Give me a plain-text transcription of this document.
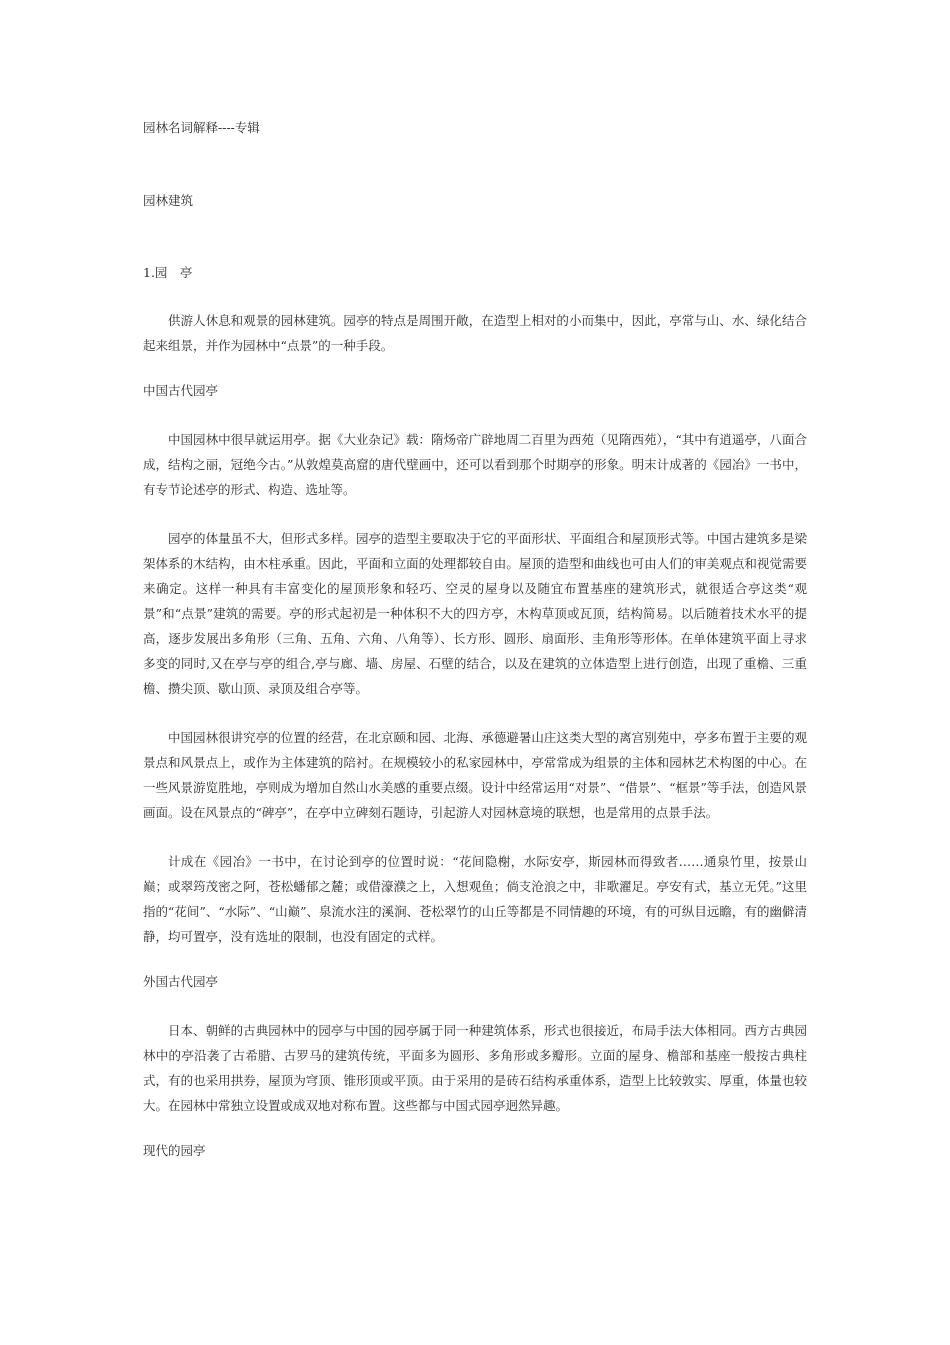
园林名词解释----专辑
园林建筑
1.园　亭

供游人休息和观景的园林建筑。园亭的特点是周围开敞，在造型上相对的小而集中，因此，亭常与山、水、绿化结合起来组景，并作为园林中“点景”的一种手段。

中国古代园亭

中国园林中很早就运用亭。据《大业杂记》载：隋炀帝广辟地周二百里为西苑（见隋西苑），“其中有逍遥亭，八面合成，结构之丽，冠绝今古。”从敦煌莫高窟的唐代壁画中，还可以看到那个时期亭的形象。明末计成著的《园冶》一书中，有专节论述亭的形式、构造、选址等。

园亭的体量虽不大，但形式多样。园亭的造型主要取决于它的平面形状、平面组合和屋顶形式等。中国古建筑多是梁架体系的木结构，由木柱承重。因此，平面和立面的处理都较自由。屋顶的造型和曲线也可由人们的审美观点和视觉需要来确定。这样一种具有丰富变化的屋顶形象和轻巧、空灵的屋身以及随宜布置基座的建筑形式，就很适合亭这类“观景”和“点景”建筑的需要。亭的形式起初是一种体积不大的四方亭，木构草顶或瓦顶，结构简易。以后随着技术水平的提高，逐步发展出多角形（三角、五角、六角、八角等）、长方形、圆形、扇面形、圭角形等形体。在单体建筑平面上寻求多变的同时,又在亭与亭的组合,亭与廊、墙、房屋、石壁的结合，以及在建筑的立体造型上进行创造，出现了重檐、三重檐、攒尖顶、歇山顶、录顶及组合亭等。

中国园林很讲究亭的位置的经营，在北京颐和园、北海、承德避暑山庄这类大型的离宫别苑中，亭多布置于主要的观景点和风景点上，或作为主体建筑的陪衬。在规模较小的私家园林中，亭常常成为组景的主体和园林艺术构图的中心。在一些风景游览胜地，亭则成为增加自然山水美感的重要点缀。设计中经常运用“对景”、“借景”、“框景”等手法，创造风景画面。设在风景点的“碑亭”，在亭中立碑刻石题诗，引起游人对园林意境的联想，也是常用的点景手法。

计成在《园冶》一书中，在讨论到亭的位置时说：“花间隐榭，水际安亭，斯园林而得致者……通泉竹里，按景山巅；或翠筠茂密之阿，苍松蟠郁之麓；或借濠濮之上，入想观鱼；倘支沧浪之中，非歌濯足。亭安有式，基立无凭。”这里指的“花间”、“水际”、“山巅”、泉流水注的溪涧、苍松翠竹的山丘等都是不同情趣的环境，有的可纵目远瞻，有的幽僻清静，均可置亭，没有选址的限制，也没有固定的式样。

外国古代园亭

日本、朝鲜的古典园林中的园亭与中国的园亭属于同一种建筑体系，形式也很接近，布局手法大体相同。西方古典园林中的亭沿袭了古希腊、古罗马的建筑传统，平面多为圆形、多角形或多瓣形。立面的屋身、檐部和基座一般按古典柱式，有的也采用拱券，屋顶为穹顶、锥形顶或平顶。由于采用的是砖石结构承重体系，造型上比较敦实、厚重，体量也较大。在园林中常独立设置或成双地对称布置。这些都与中国式园亭迥然异趣。

现代的园亭
